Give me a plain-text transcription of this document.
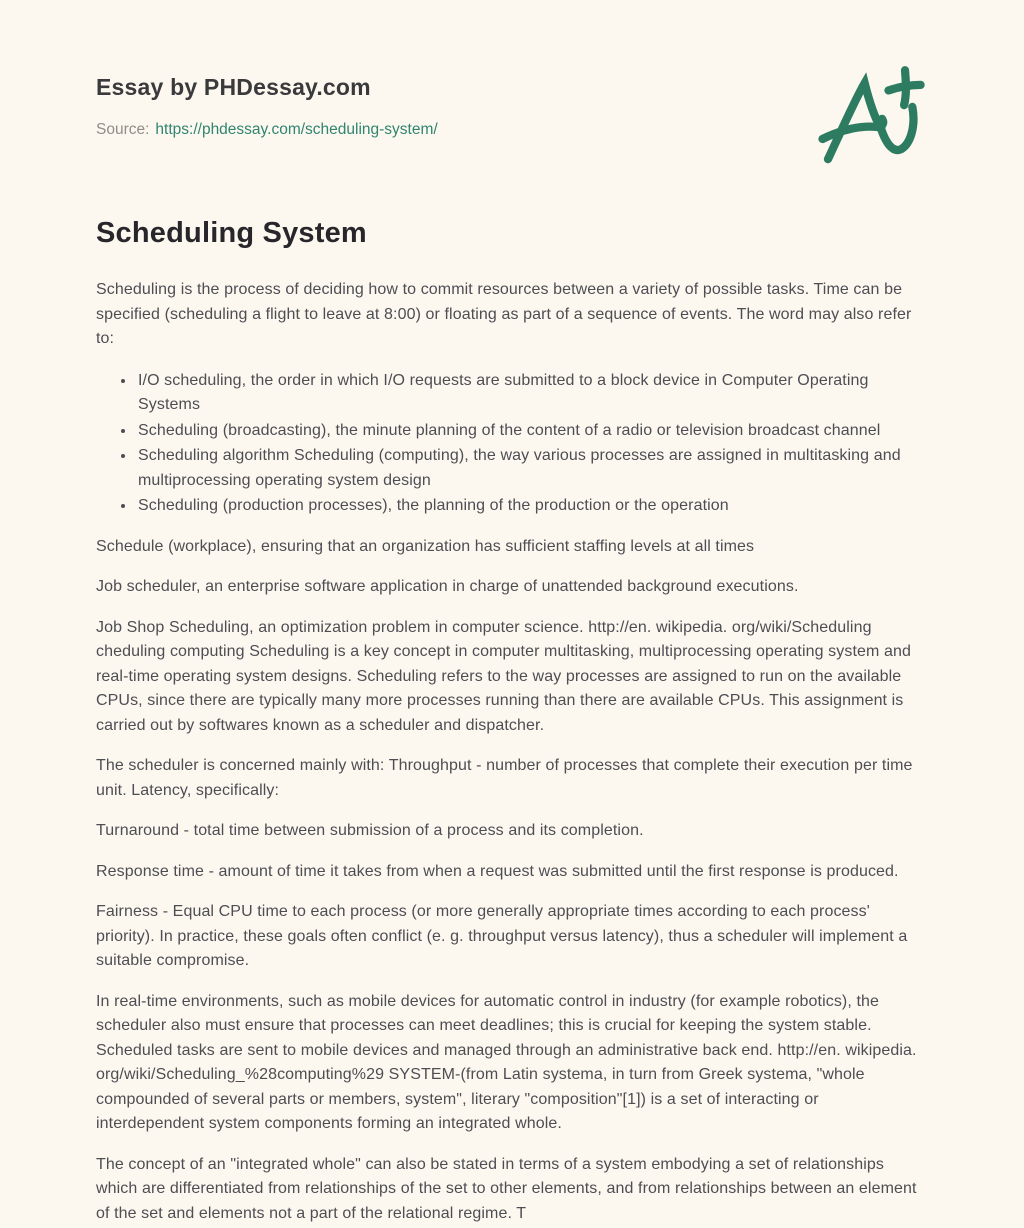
Essay by PHDessay.com
Source: https://phdessay.com/scheduling-system/
Scheduling System

Scheduling is the process of deciding how to commit resources between a variety of possible tasks. Time can be specified (scheduling a flight to leave at 8:00) or floating as part of a sequence of events. The word may also refer to:

• I/O scheduling, the order in which I/O requests are submitted to a block device in Computer Operating Systems
• Scheduling (broadcasting), the minute planning of the content of a radio or television broadcast channel
• Scheduling algorithm Scheduling (computing), the way various processes are assigned in multitasking and multiprocessing operating system design
• Scheduling (production processes), the planning of the production or the operation

Schedule (workplace), ensuring that an organization has sufficient staffing levels at all times

Job scheduler, an enterprise software application in charge of unattended background executions.

Job Shop Scheduling, an optimization problem in computer science. http://en. wikipedia. org/wiki/Scheduling cheduling computing Scheduling is a key concept in computer multitasking, multiprocessing operating system and real-time operating system designs. Scheduling refers to the way processes are assigned to run on the available CPUs, since there are typically many more processes running than there are available CPUs. This assignment is carried out by softwares known as a scheduler and dispatcher.

The scheduler is concerned mainly with: Throughput - number of processes that complete their execution per time unit. Latency, specifically:

Turnaround - total time between submission of a process and its completion.

Response time - amount of time it takes from when a request was submitted until the first response is produced.

Fairness - Equal CPU time to each process (or more generally appropriate times according to each process' priority). In practice, these goals often conflict (e. g. throughput versus latency), thus a scheduler will implement a suitable compromise.

In real-time environments, such as mobile devices for automatic control in industry (for example robotics), the scheduler also must ensure that processes can meet deadlines; this is crucial for keeping the system stable. Scheduled tasks are sent to mobile devices and managed through an administrative back end. http://en. wikipedia. org/wiki/Scheduling_%28computing%29 SYSTEM-(from Latin systema, in turn from Greek systema, "whole compounded of several parts or members, system", literary "composition"[1]) is a set of interacting or interdependent system components forming an integrated whole.

The concept of an "integrated whole" can also be stated in terms of a system embodying a set of relationships which are differentiated from relationships of the set to other elements, and from relationships between an element of the set and elements not a part of the relational regime. T
